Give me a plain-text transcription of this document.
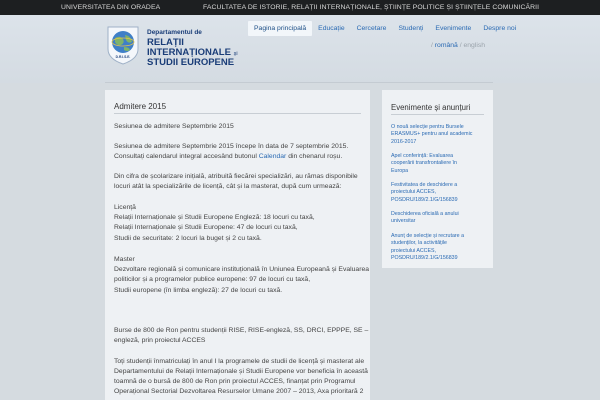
UNIVERSITATEA DIN ORADEA	FACULTATEA DE ISTORIE, RELAȚII INTERNAȚIONALE, ȘTIINȚE POLITICE ȘI ȘTIINȚELE COMUNICĂRII
D.R.I.S.E.
Departamentul de
RELAȚII
INTERNAȚIONALE și
STUDII EUROPENE
Pagina principală	Educație	Cercetare	Studenți	Evenimente	Despre noi
/ română / english
Admitere 2015
Sesiunea de admitere Septembrie 2015
Sesiunea de admitere Septembrie 2015 începe în data de 7 septembrie 2015.
Consultați calendarul integral accesând butonul Calendar din chenarul roșu.
Din cifra de școlarizare inițială, atribuită fiecărei specializări, au rămas disponibile
locuri atât la specializările de licență, cât și la masterat, după cum urmează:
Licență
Relații Internaționale și Studii Europene Engleză: 18 locuri cu taxă,
Relații Internaționale și Studii Europene: 47 de locuri cu taxă,
Studii de securitate: 2 locuri la buget și 2 cu taxă.
Master
Dezvoltare regională și comunicare instituțională în Uniunea Europeană și Evaluarea
politicilor și a programelor publice europene: 97 de locuri cu taxă,
Studii europene (în limba engleză): 27 de locuri cu taxă.
Burse de 800 de Ron pentru studenții RISE, RISE-engleză, SS, DRCI, EPPPE, SE –
engleză, prin proiectul ACCES
Toți studenții înmatriculați în anul I la programele de studii de licență și masterat ale
Departamentului de Relații Internaționale și Studii Europene vor beneficia în această
toamnă de o bursă de 800 de Ron prin proiectul ACCES, finanțat prin Programul
Operațional Sectorial Dezvoltarea Resurselor Umane 2007 – 2013, Axa prioritară 2
Evenimente și anunțuri
O nouă selecție pentru Bursele
ERASMUS+ pentru anul academic
2016-2017
Apel conferință: Evaluarea
cooperării transfrontaliere în
Europa
Festivitatea de deschidere a
proiectului ACCES,
POSDRU/189/2.1/G/156839
Deschiderea oficială a anului
universitar
Anunț de selecție și recrutare a
studenților, la activitățile
proiectului ACCES,
POSDRU/189/2.1/G/156839
